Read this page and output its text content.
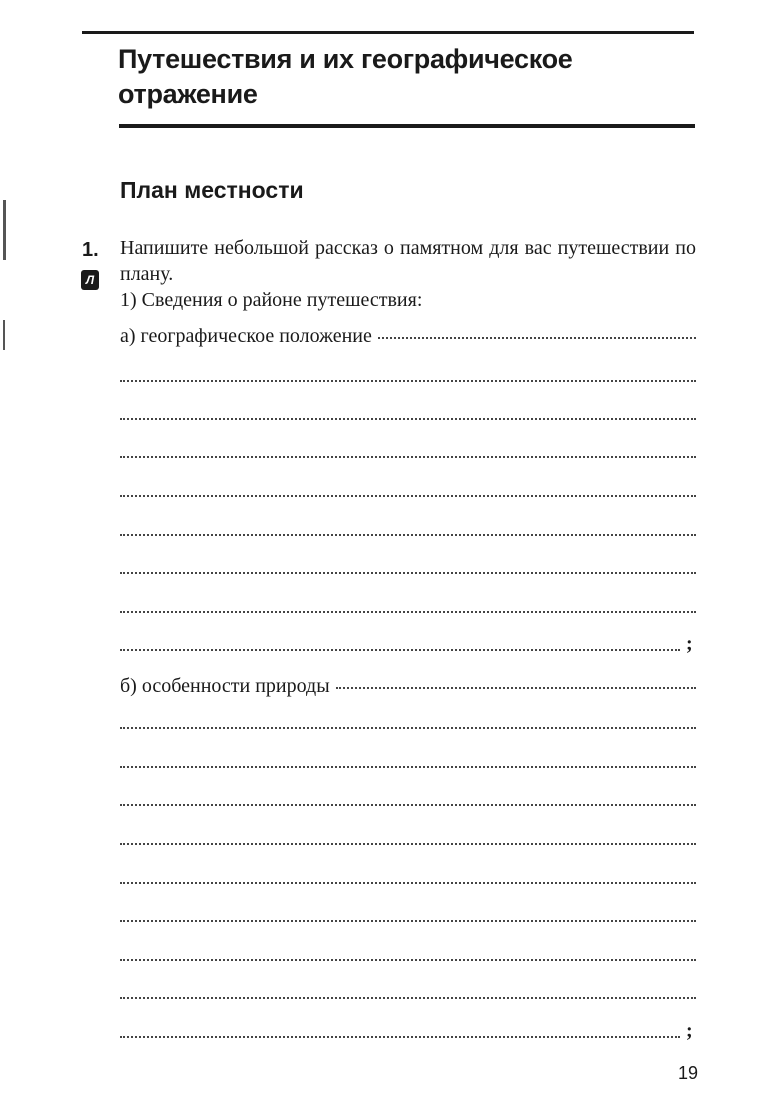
Путешествия и их географическое
отражение
План местности
1.
Л
Напишите небольшой рассказ о памятном для вас путешествии по плану.
1) Сведения о районе путешествия:
а) географическое положение
;
б) особенности природы
;
19
